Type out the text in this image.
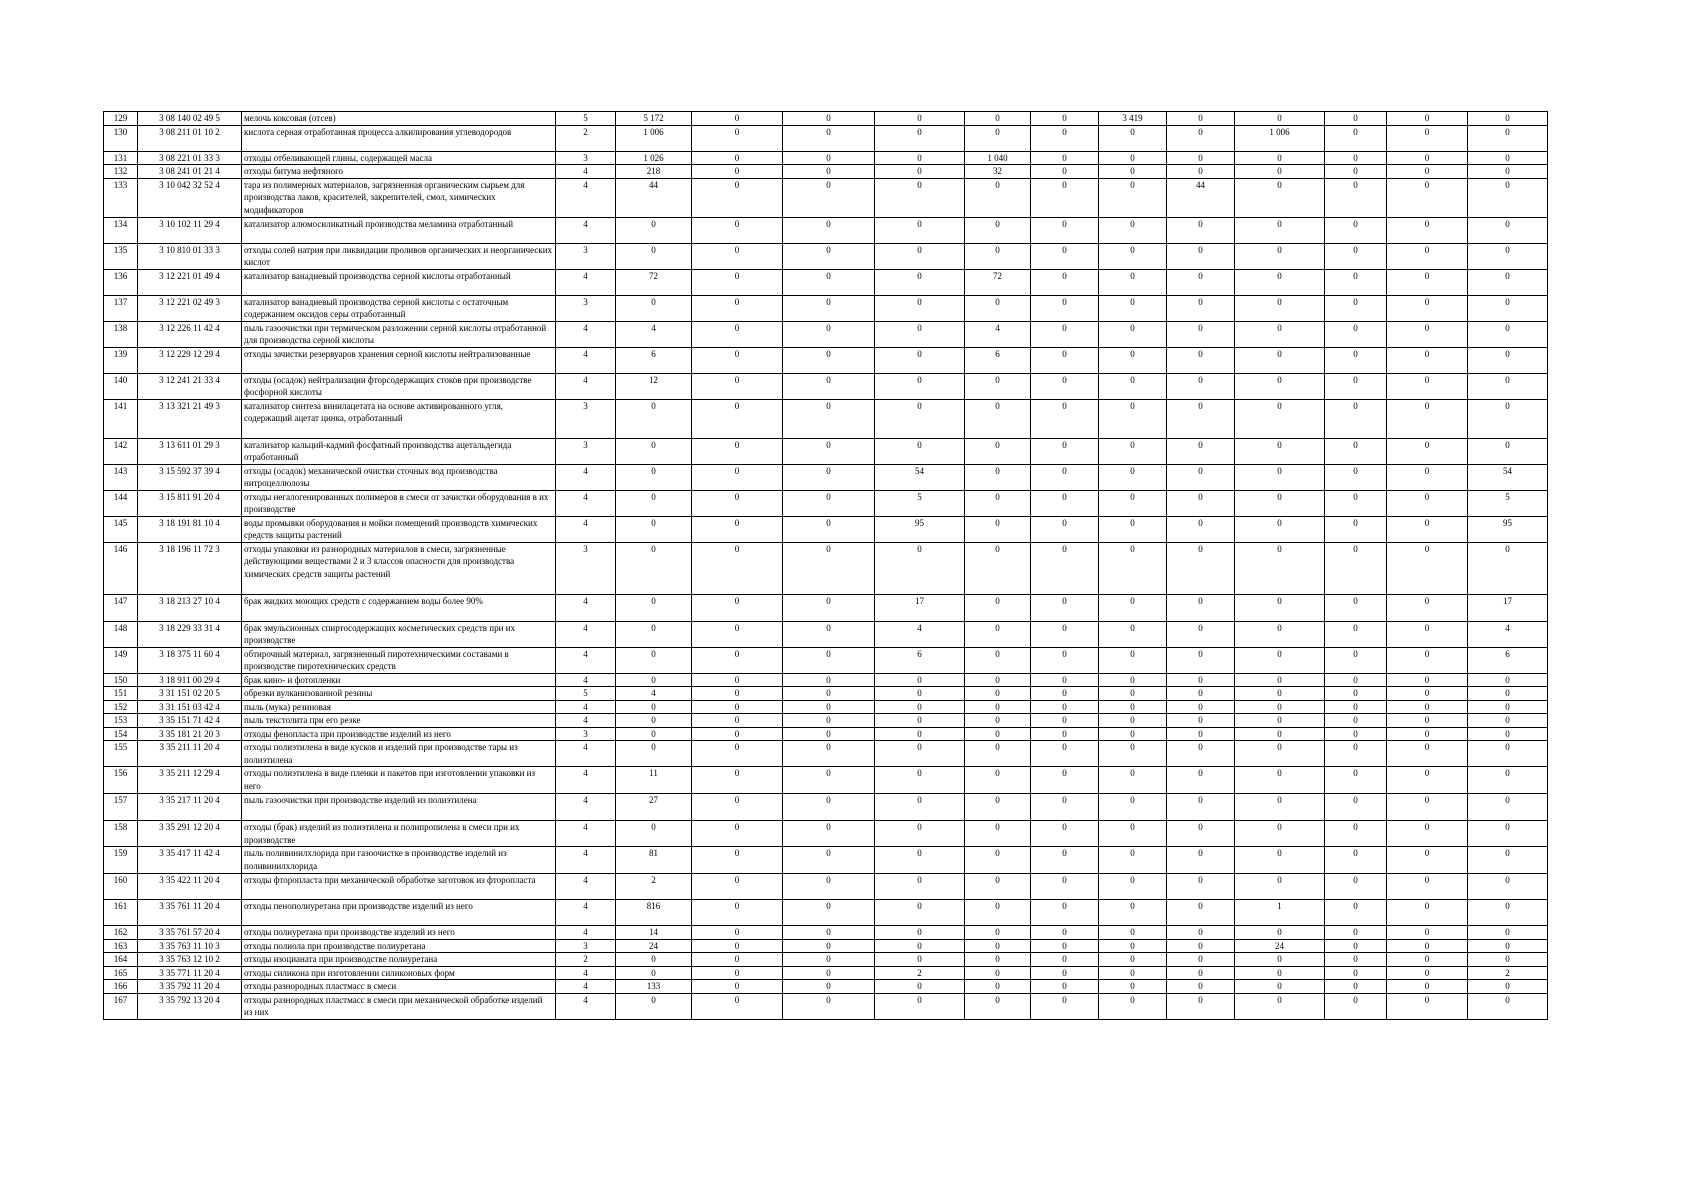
129	3 08 140 02 49 5	мелочь коксовая (отсев)	5	5 172	0	0	0	0	0	3 419	0	0	0	0	0
130	3 08 211 01 10 2	кислота серная отработанная процесса алкилирования углеводородов	2	1 006	0	0	0	0	0	0	0	1 006	0	0	0
131	3 08 221 01 33 3	отходы отбеливающей глины, содержащей масла	3	1 026	0	0	0	1 040	0	0	0	0	0	0	0
132	3 08 241 01 21 4	отходы битума нефтяного	4	218	0	0	0	32	0	0	0	0	0	0	0
133	3 10 042 32 52 4	тара из полимерных материалов, загрязненная органическим сырьем для производства лаков, красителей, закрепителей, смол, химических модификаторов	4	44	0	0	0	0	0	0	44	0	0	0	0
134	3 10 102 11 29 4	катализатор алюмосиликатный производства меламина отработанный	4	0	0	0	0	0	0	0	0	0	0	0	0
135	3 10 810 01 33 3	отходы солей натрия при ликвидации проливов органических и неорганических кислот	3	0	0	0	0	0	0	0	0	0	0	0	0
136	3 12 221 01 49 4	катализатор ванадиевый производства серной кислоты отработанный	4	72	0	0	0	72	0	0	0	0	0	0	0
137	3 12 221 02 49 3	катализатор ванадиевый производства серной кислоты с остаточным содержанием оксидов серы отработанный	3	0	0	0	0	0	0	0	0	0	0	0	0
138	3 12 226 11 42 4	пыль газоочистки при термическом разложении серной кислоты отработанной для производства серной кислоты	4	4	0	0	0	4	0	0	0	0	0	0	0
139	3 12 229 12 29 4	отходы зачистки резервуаров хранения серной кислоты нейтрализованные	4	6	0	0	0	6	0	0	0	0	0	0	0
140	3 12 241 21 33 4	отходы (осадок) нейтрализации фторсодержащих стоков при производстве фосфорной кислоты	4	12	0	0	0	0	0	0	0	0	0	0	0
141	3 13 321 21 49 3	катализатор синтеза винилацетата на основе активированного угля, содержащий ацетат цинка, отработанный	3	0	0	0	0	0	0	0	0	0	0	0	0
142	3 13 611 01 29 3	катализатор кальций-кадмий фосфатный производства ацетальдегида отработанный	3	0	0	0	0	0	0	0	0	0	0	0	0
143	3 15 592 37 39 4	отходы (осадок) механической очистки сточных вод производства нитроцеллюлозы	4	0	0	0	54	0	0	0	0	0	0	0	54
144	3 15 811 91 20 4	отходы негалогенированных полимеров в смеси от зачистки оборудования в их производстве	4	0	0	0	5	0	0	0	0	0	0	0	5
145	3 18 191 81 10 4	воды промывки оборудования и мойки помещений производств химических средств защиты растений	4	0	0	0	95	0	0	0	0	0	0	0	95
146	3 18 196 11 72 3	отходы упаковки из разнородных материалов в смеси, загрязненные действующими веществами 2 и 3 классов опасности для производства химических средств защиты растений	3	0	0	0	0	0	0	0	0	0	0	0	0
147	3 18 213 27 10 4	брак жидких моющих средств с содержанием воды более 90%	4	0	0	0	17	0	0	0	0	0	0	0	17
148	3 18 229 33 31 4	брак эмульсионных спиртосодержащих косметических средств при их производстве	4	0	0	0	4	0	0	0	0	0	0	0	4
149	3 18 375 11 60 4	обтирочный материал, загрязненный пиротехническими составами в производстве пиротехнических средств	4	0	0	0	6	0	0	0	0	0	0	0	6
150	3 18 911 00 29 4	брак кино- и фотопленки	4	0	0	0	0	0	0	0	0	0	0	0	0
151	3 31 151 02 20 5	обрезки вулканизованной резины	5	4	0	0	0	0	0	0	0	0	0	0	0
152	3 31 151 03 42 4	пыль (мука) резиновая	4	0	0	0	0	0	0	0	0	0	0	0	0
153	3 35 151 71 42 4	пыль текстолита при его резке	4	0	0	0	0	0	0	0	0	0	0	0	0
154	3 35 181 21 20 3	отходы фенопласта при производстве изделий из него	3	0	0	0	0	0	0	0	0	0	0	0	0
155	3 35 211 11 20 4	отходы полиэтилена в виде кусков и изделий при производстве тары из полиэтилена	4	0	0	0	0	0	0	0	0	0	0	0	0
156	3 35 211 12 29 4	отходы полиэтилена в виде пленки и пакетов при изготовлении упаковки из него	4	11	0	0	0	0	0	0	0	0	0	0	0
157	3 35 217 11 20 4	пыль газоочистки при производстве изделий из полиэтилена	4	27	0	0	0	0	0	0	0	0	0	0	0
158	3 35 291 12 20 4	отходы (брак) изделий из полиэтилена и полипропилена в смеси при их производстве	4	0	0	0	0	0	0	0	0	0	0	0	0
159	3 35 417 11 42 4	пыль поливинилхлорида при газоочистке в производстве изделий из поливинилхлорида	4	81	0	0	0	0	0	0	0	0	0	0	0
160	3 35 422 11 20 4	отходы фторопласта при механической обработке заготовок из фторопласта	4	2	0	0	0	0	0	0	0	0	0	0	0
161	3 35 761 11 20 4	отходы пенополиуретана при производстве изделий из него	4	816	0	0	0	0	0	0	0	1	0	0	0
162	3 35 761 57 20 4	отходы полиуретана при производстве изделий из него	4	14	0	0	0	0	0	0	0	0	0	0	0
163	3 35 763 11 10 3	отходы полиола при производстве полиуретана	3	24	0	0	0	0	0	0	0	24	0	0	0
164	3 35 763 12 10 2	отходы изоцианата при производстве полиуретана	2	0	0	0	0	0	0	0	0	0	0	0	0
165	3 35 771 11 20 4	отходы силикона при изготовлении силиконовых форм	4	0	0	0	2	0	0	0	0	0	0	0	2
166	3 35 792 11 20 4	отходы разнородных пластмасс в смеси	4	133	0	0	0	0	0	0	0	0	0	0	0
167	3 35 792 13 20 4	отходы разнородных пластмасс в смеси при механической обработке изделий из них	4	0	0	0	0	0	0	0	0	0	0	0	0
